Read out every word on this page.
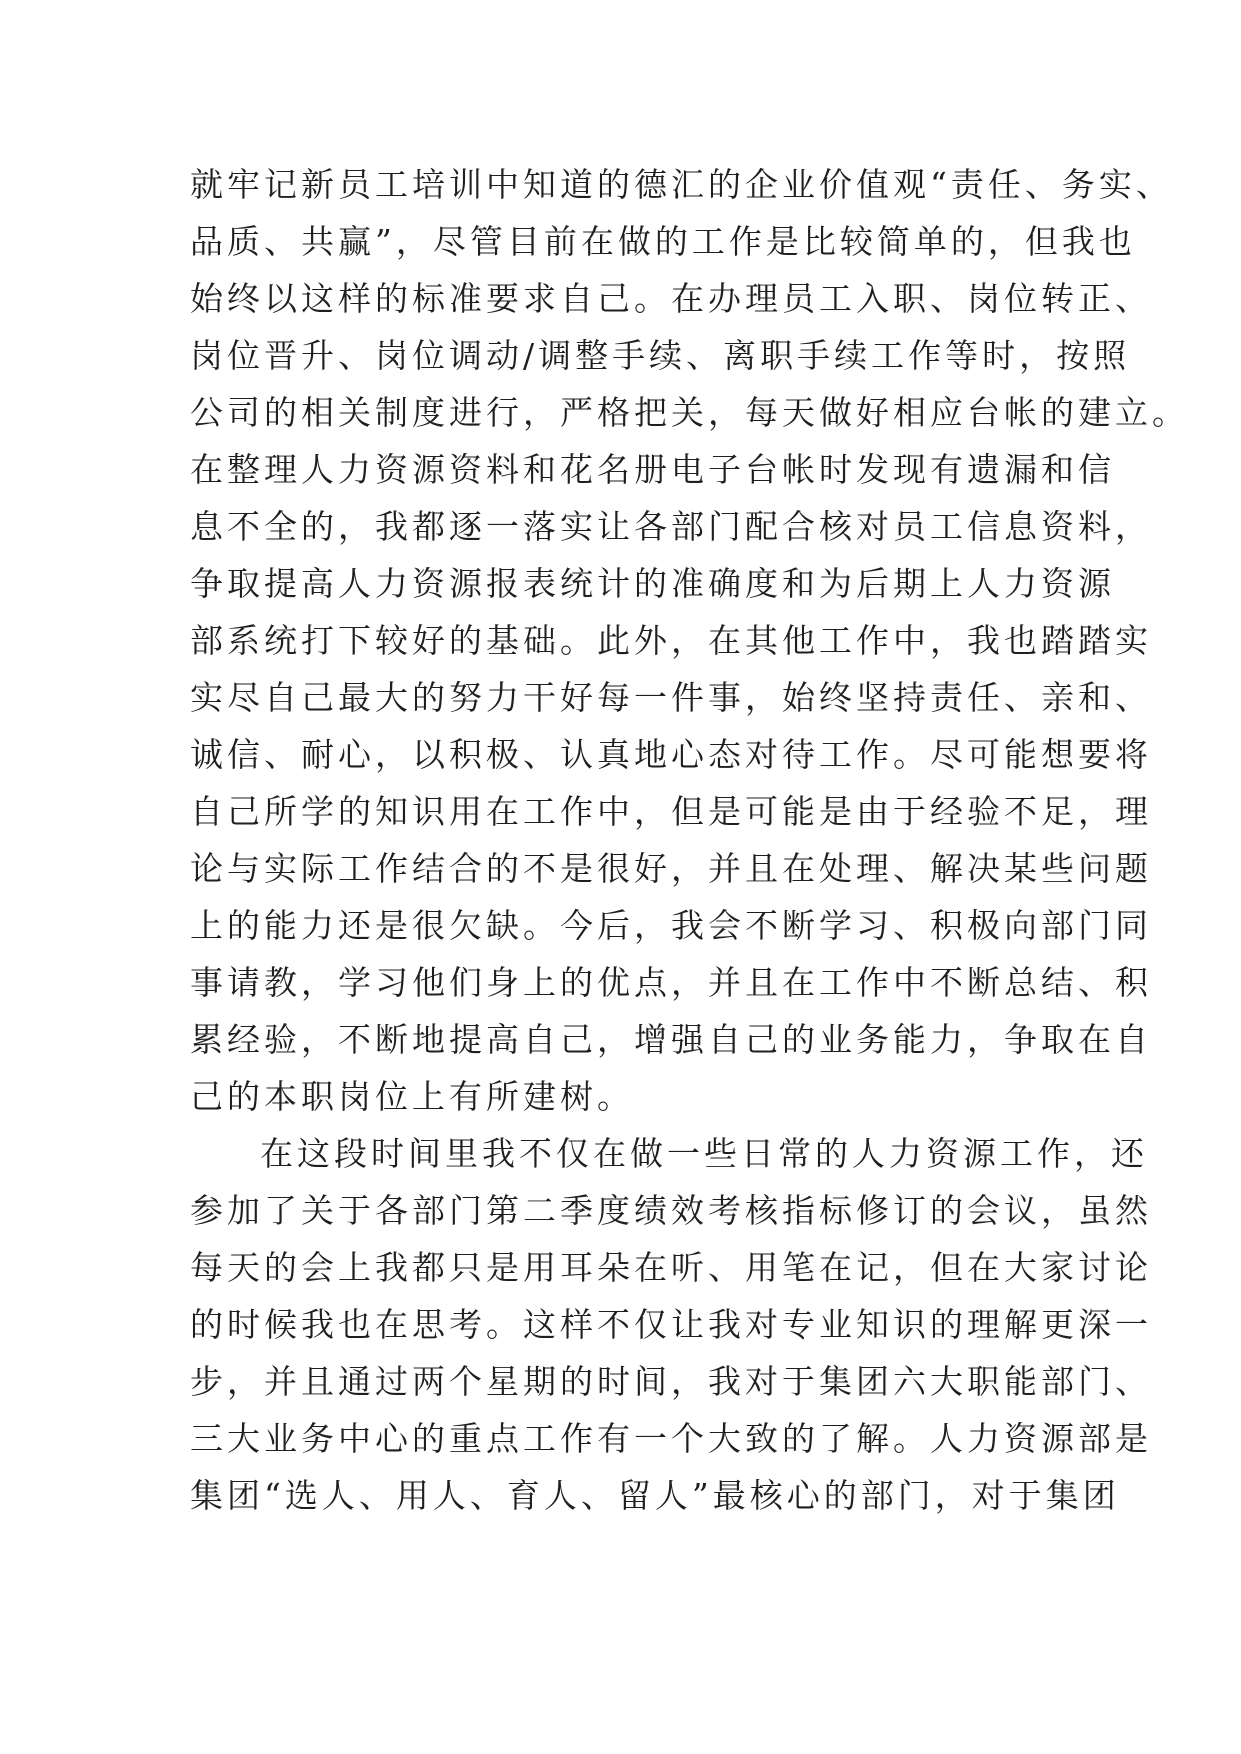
就牢记新员工培训中知道的德汇的企业价值观“责任、务实、
品质、共赢”，尽管目前在做的工作是比较简单的，但我也
始终以这样的标准要求自己。在办理员工入职、岗位转正、
岗位晋升、岗位调动/调整手续、离职手续工作等时，按照
公司的相关制度进行，严格把关，每天做好相应台帐的建立。
在整理人力资源资料和花名册电子台帐时发现有遗漏和信
息不全的，我都逐一落实让各部门配合核对员工信息资料，
争取提高人力资源报表统计的准确度和为后期上人力资源
部系统打下较好的基础。此外，在其他工作中，我也踏踏实
实尽自己最大的努力干好每一件事，始终坚持责任、亲和、
诚信、耐心，以积极、认真地心态对待工作。尽可能想要将
自己所学的知识用在工作中，但是可能是由于经验不足，理
论与实际工作结合的不是很好，并且在处理、解决某些问题
上的能力还是很欠缺。今后，我会不断学习、积极向部门同
事请教，学习他们身上的优点，并且在工作中不断总结、积
累经验，不断地提高自己，增强自己的业务能力，争取在自
己的本职岗位上有所建树。
在这段时间里我不仅在做一些日常的人力资源工作，还
参加了关于各部门第二季度绩效考核指标修订的会议，虽然
每天的会上我都只是用耳朵在听、用笔在记，但在大家讨论
的时候我也在思考。这样不仅让我对专业知识的理解更深一
步，并且通过两个星期的时间，我对于集团六大职能部门、
三大业务中心的重点工作有一个大致的了解。人力资源部是
集团“选人、用人、育人、留人”最核心的部门，对于集团
